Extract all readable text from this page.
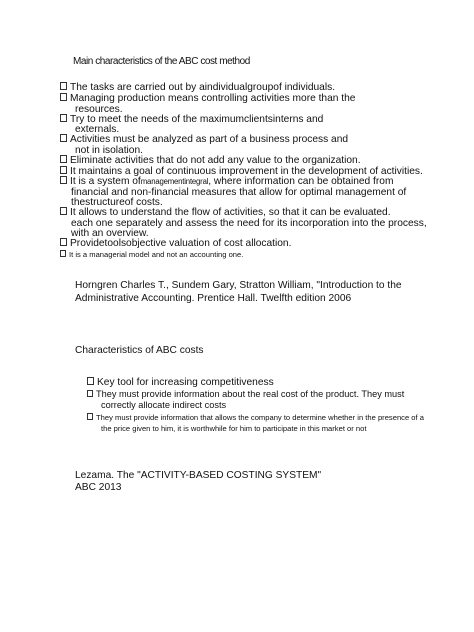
Main characteristics of the ABC cost method
The tasks are carried out by aindividualgroupof individuals.
Managing production means controlling activities more than the
resources.
Try to meet the needs of the maximumclientsinterns and
externals.
Activities must be analyzed as part of a business process and
not in isolation.
Eliminate activities that do not add any value to the organization.
It maintains a goal of continuous improvement in the development of activities.
It is a system ofmanagementintegral, where information can be obtained from
financial and non-financial measures that allow for optimal management of
thestructureof costs.
It allows to understand the flow of activities, so that it can be evaluated.
each one separately and assess the need for its incorporation into the process,
with an overview.
Providetoolsobjective valuation of cost allocation.
It is a managerial model and not an accounting one.
Horngren Charles T., Sundem Gary, Stratton William, "Introduction to the
Administrative Accounting. Prentice Hall. Twelfth edition 2006
Characteristics of ABC costs
Key tool for increasing competitiveness
They must provide information about the real cost of the product. They must
correctly allocate indirect costs
They must provide information that allows the company to determine whether in the presence of a
the price given to him, it is worthwhile for him to participate in this market or not
Lezama. The "ACTIVITY-BASED COSTING SYSTEM"
ABC 2013
